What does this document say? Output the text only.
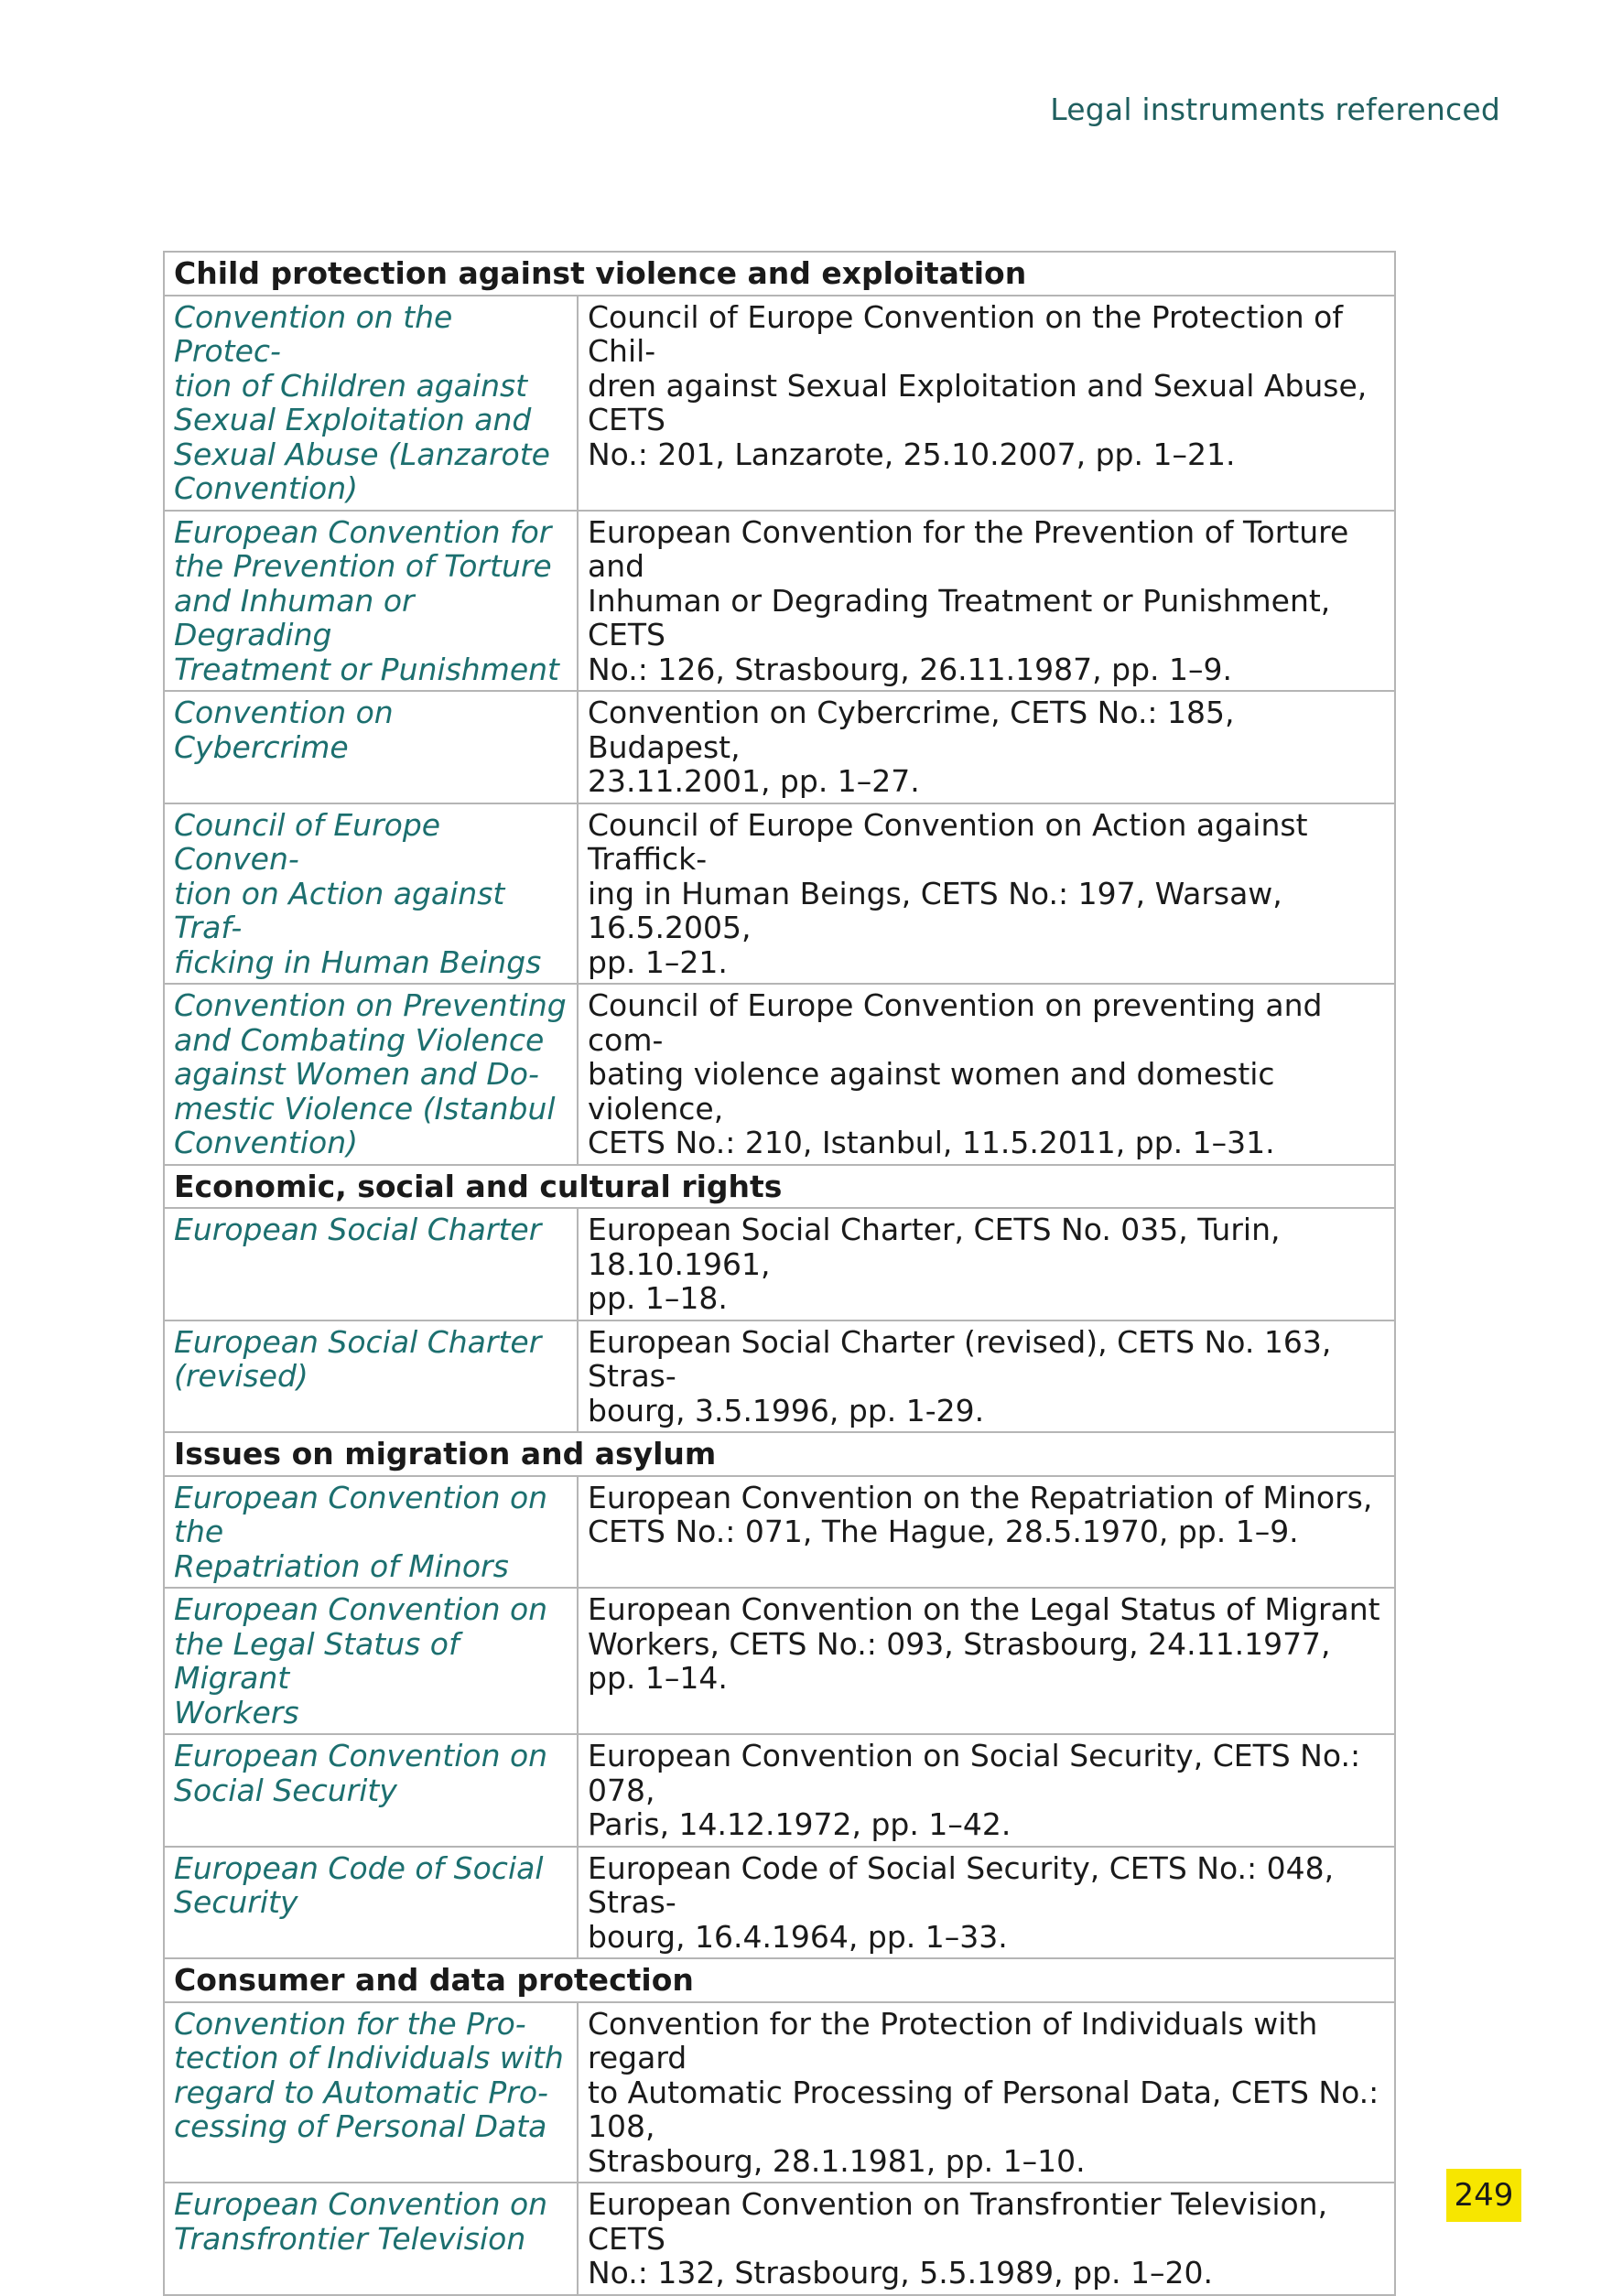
Legal instruments referenced
Child protection against violence and exploitation	
Convention on the Protec-
tion of Children against
Sexual Exploitation and
Sexual Abuse (Lanzarote
Convention)	Council of Europe Convention on the Protection of Chil-
dren against Sexual Exploitation and Sexual Abuse, CETS
No.: 201, Lanzarote, 25.10.2007, pp. 1–21.
European Convention for
the Prevention of Torture
and Inhuman or Degrading
Treatment or Punishment	European Convention for the Prevention of Torture and
Inhuman or Degrading Treatment or Punishment, CETS
No.: 126, Strasbourg, 26.11.1987, pp. 1–9.
Convention on Cybercrime	Convention on Cybercrime, CETS No.: 185, Budapest,
23.11.2001, pp. 1–27.
Council of Europe Conven-
tion on Action against Traf-
ficking in Human Beings	Council of Europe Convention on Action against Traffick-
ing in Human Beings, CETS No.: 197, Warsaw, 16.5.2005,
pp. 1–21.
Convention on Preventing
and Combating Violence
against Women and Do-
mestic Violence (Istanbul
Convention)	Council of Europe Convention on preventing and com-
bating violence against women and domestic violence,
CETS No.: 210, Istanbul, 11.5.2011, pp. 1–31.
Economic, social and cultural rights	
European Social Charter	European Social Charter, CETS No. 035, Turin, 18.10.1961,
pp. 1–18.
European Social Charter
(revised)	European Social Charter (revised), CETS No. 163, Stras-
bourg, 3.5.1996, pp. 1-29.
Issues on migration and asylum	
European Convention on the
Repatriation of Minors	European Convention on the Repatriation of Minors,
CETS No.: 071, The Hague, 28.5.1970, pp. 1–9.
European Convention on
the Legal Status of Migrant
Workers	European Convention on the Legal Status of Migrant
Workers, CETS No.: 093, Strasbourg, 24.11.1977, pp. 1–14.
European Convention on
Social Security	European Convention on Social Security, CETS No.: 078,
Paris, 14.12.1972, pp. 1–42.
European Code of Social
Security	European Code of Social Security, CETS No.: 048, Stras-
bourg, 16.4.1964, pp. 1–33.
Consumer and data protection	
Convention for the Pro-
tection of Individuals with
regard to Automatic Pro-
cessing of Personal Data	Convention for the Protection of Individuals with regard
to Automatic Processing of Personal Data, CETS No.: 108,
Strasbourg, 28.1.1981, pp. 1–10.
European Convention on
Transfrontier Television	European Convention on Transfrontier Television, CETS
No.: 132, Strasbourg, 5.5.1989, pp. 1–20.
249
